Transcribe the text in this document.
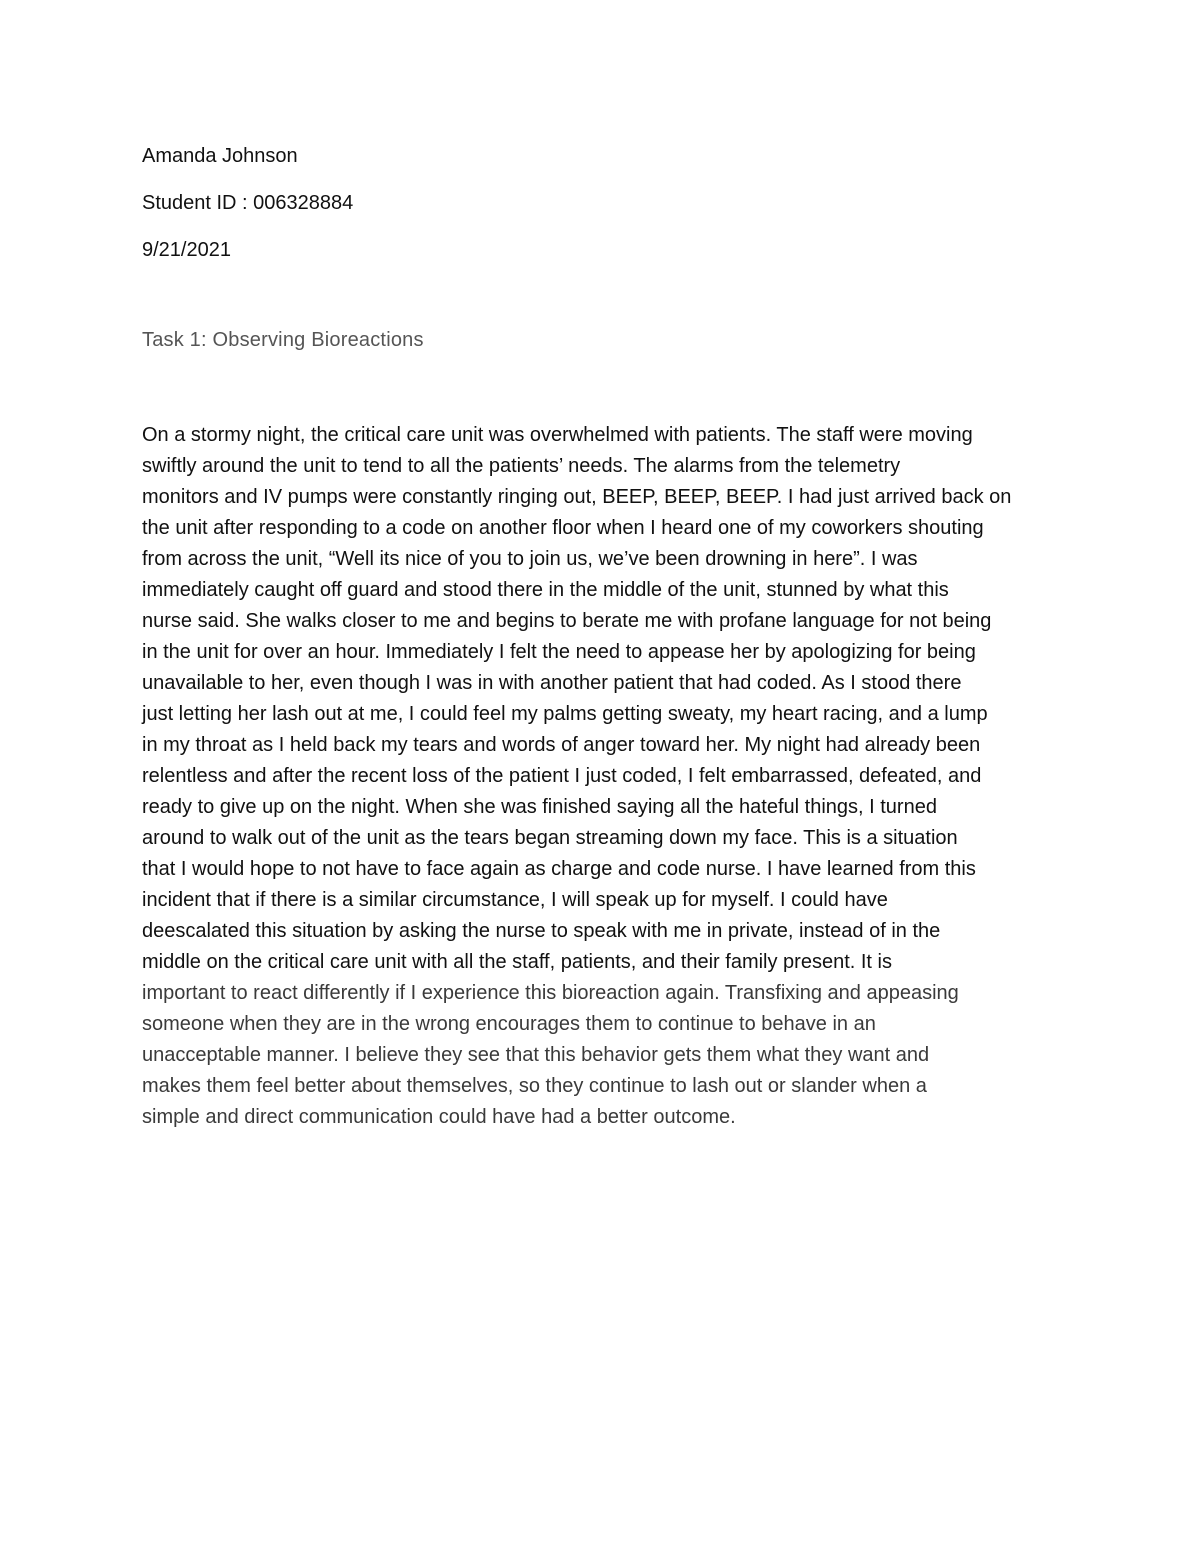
Amanda Johnson
Student ID : 006328884
9/21/2021
Task 1: Observing Bioreactions
On a stormy night, the critical care unit was overwhelmed with patients. The staff were moving
swiftly around the unit to tend to all the patients’ needs. The alarms from the telemetry
monitors and IV pumps were constantly ringing out, BEEP, BEEP, BEEP. I had just arrived back on
the unit after responding to a code on another floor when I heard one of my coworkers shouting
from across the unit, “Well its nice of you to join us, we’ve been drowning in here”. I was
immediately caught off guard and stood there in the middle of the unit, stunned by what this
nurse said. She walks closer to me and begins to berate me with profane language for not being
in the unit for over an hour. Immediately I felt the need to appease her by apologizing for being
unavailable to her, even though I was in with another patient that had coded. As I stood there
just letting her lash out at me, I could feel my palms getting sweaty, my heart racing, and a lump
in my throat as I held back my tears and words of anger toward her. My night had already been
relentless and after the recent loss of the patient I just coded, I felt embarrassed, defeated, and
ready to give up on the night. When she was finished saying all the hateful things, I turned
around to walk out of the unit as the tears began streaming down my face. This is a situation
that I would hope to not have to face again as charge and code nurse. I have learned from this
incident that if there is a similar circumstance, I will speak up for myself. I could have
deescalated this situation by asking the nurse to speak with me in private, instead of in the
middle on the critical care unit with all the staff, patients, and their family present. It is
important to react differently if I experience this bioreaction again. Transfixing and appeasing
someone when they are in the wrong encourages them to continue to behave in an
unacceptable manner. I believe they see that this behavior gets them what they want and
makes them feel better about themselves, so they continue to lash out or slander when a
simple and direct communication could have had a better outcome.
